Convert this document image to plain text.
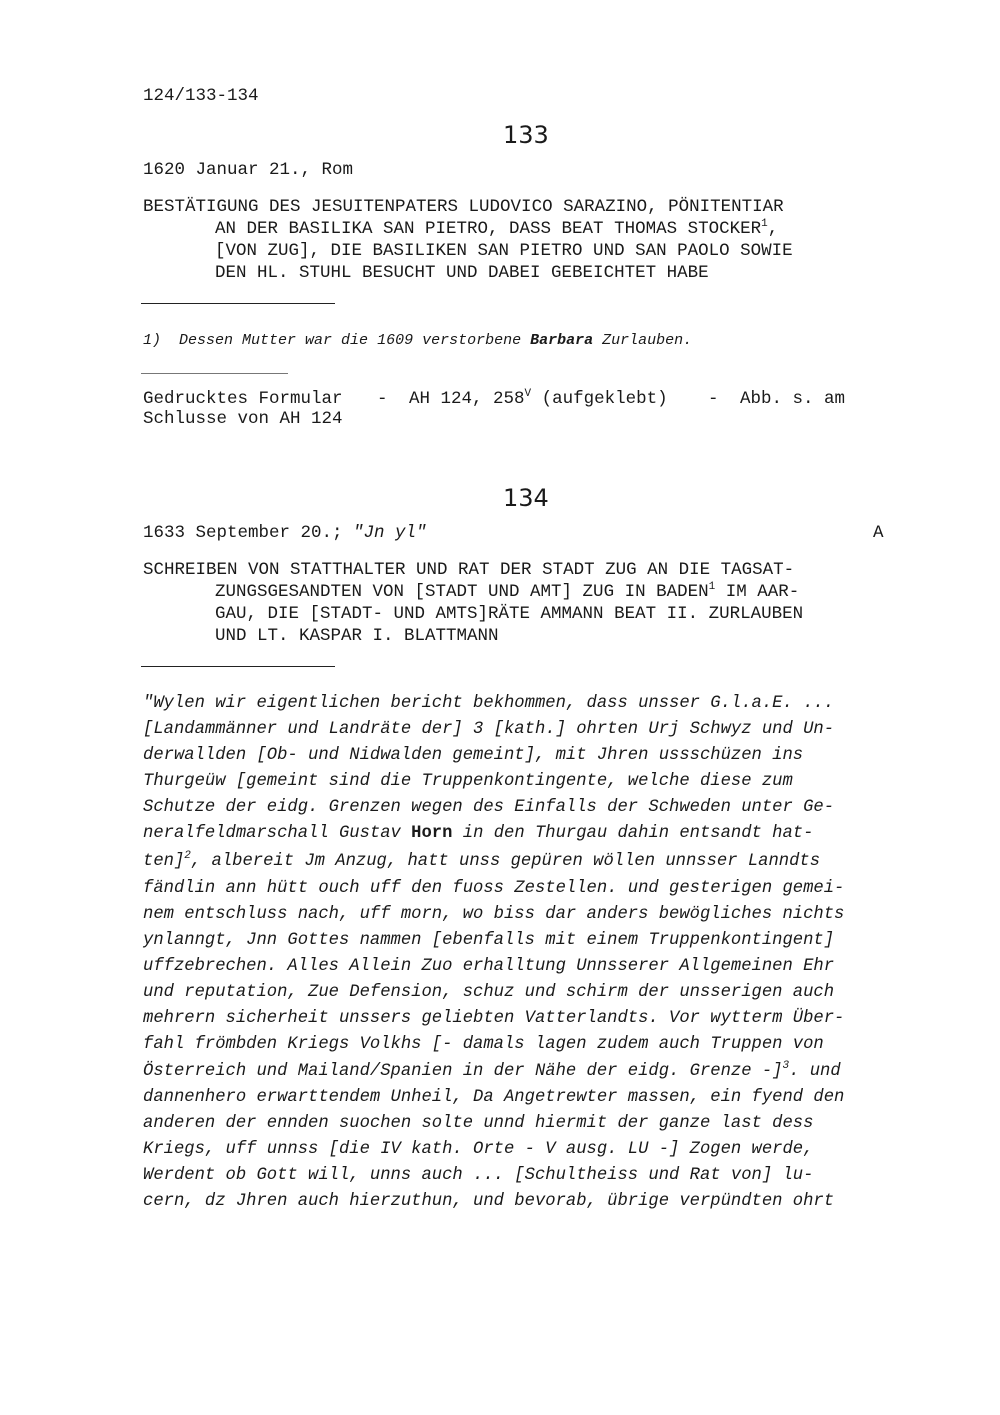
124/133-134
133
1620 Januar 21., Rom
BESTÄTIGUNG DES JESUITENPATERS LUDOVICO SARAZINO, PÖNITENTIAR
AN DER BASILIKA SAN PIETRO, DASS BEAT THOMAS STOCKER$^1$,
[VON ZUG], DIE BASILIKEN SAN PIETRO UND SAN PAOLO SOWIE
DEN HL. STUHL BESUCHT UND DABEI GEBEICHTET HABE
1) Dessen Mutter war die 1609 verstorbene Barbara Zurlauben.
Gedrucktes Formular - AH 124, $258^V$ (aufgeklebt) - Abb. s. am
Schlusse von AH 124
134
1633 September 20.; "Jn yl"	A
SCHREIBEN VON STATTHALTER UND RAT DER STADT ZUG AN DIE TAGSAT-
ZUNGSGESANDTEN VON [STADT UND AMT] ZUG IN BADEN$^1$ IM AAR-
GAU, DIE [STADT- UND AMTS]RÄTE AMMANN BEAT II. ZURLAUBEN
UND LT. KASPAR I. BLATTMANN
"Wylen wir eigentlichen bericht bekhommen, dass unsser G.l.a.E. ...
[Landammänner und Landräte der] 3 [kath.] ohrten Urj Schwyz und Un-
derwallden [Ob- und Nidwalden gemeint], mit Jhren ussschüzen ins
Thurgeüw [gemeint sind die Truppenkontingente, welche diese zum
Schutze der eidg. Grenzen wegen des Einfalls der Schweden unter Ge-
neralfeldmarschall Gustav Horn in den Thurgau dahin entsandt hat-
ten]$^2$, albereit Jm Anzug, hatt unss gepüren wöllen unnsser Lanndts
fändlin ann hütt ouch uff den fuoss Zestellen. und gesterigen gemei-
nem entschluss nach, uff morn, wo biss dar anders bewögliches nichts
ynlanngt, Jnn Gottes nammen [ebenfalls mit einem Truppenkontingent]
uffzebrechen. Alles Allein Zuo erhalltung Unnsserer Allgemeinen Ehr
und reputation, Zue Defension, schuz und schirm der unsserigen auch
mehrern sicherheit unssers geliebten Vatterlandts. Vor wytterm Über-
fahl frömbden Kriegs Volkhs [- damals lagen zudem auch Truppen von
Österreich und Mailand/Spanien in der Nähe der eidg. Grenze -]$^3$. und
dannenhero erwarttendem Unheil, Da Angetrewter massen, ein fyend den
anderen der ennden suochen solte unnd hiermit der ganze last dess
Kriegs, uff unnss [die IV kath. Orte - V ausg. LU -] Zogen werde,
Werdent ob Gott will, unns auch ... [Schultheiss und Rat von] lu-
cern, dz Jhren auch hierzuthun, und bevorab, übrige verpündten ohrt
